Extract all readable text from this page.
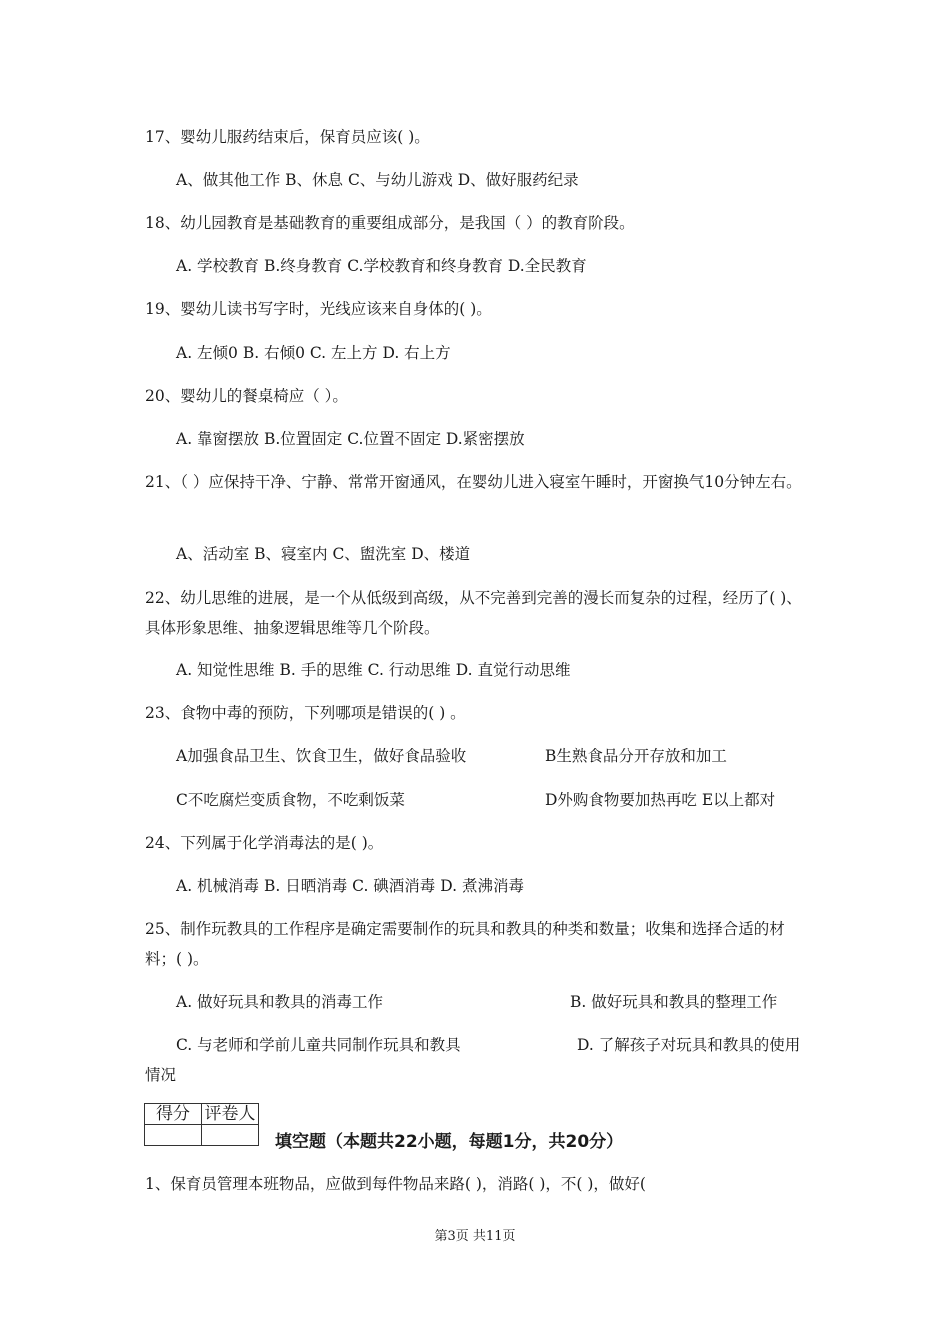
17、婴幼儿服药结束后，保育员应该( )。
A、做其他工作 B、休息 C、与幼儿游戏 D、做好服药纪录
18、幼儿园教育是基础教育的重要组成部分，是我国（ ）的教育阶段。
A. 学校教育 B.终身教育 C.学校教育和终身教育 D.全民教育
19、婴幼儿读书写字时，光线应该来自身体的( )。
A. 左倾0 B. 右倾0 C. 左上方 D. 右上方
20、婴幼儿的餐桌椅应（ ）。
A. 靠窗摆放 B.位置固定 C.位置不固定 D.紧密摆放
21、（ ）应保持干净、宁静、常常开窗通风，在婴幼儿进入寝室午睡时，开窗换气10分钟左右。
A、活动室 B、寝室内 C、盥洗室 D、楼道
22、幼儿思维的进展，是一个从低级到高级，从不完善到完善的漫长而复杂的过程，经历了( )、具体形象思维、抽象逻辑思维等几个阶段。
A. 知觉性思维 B. 手的思维 C. 行动思维 D. 直觉行动思维
23、食物中毒的预防，下列哪项是错误的( ) 。
A加强食品卫生、饮食卫生，做好食品验收	B生熟食品分开存放和加工
C不吃腐烂变质食物，不吃剩饭菜	D外购食物要加热再吃 E以上都对
24、下列属于化学消毒法的是( )。
A. 机械消毒 B. 日晒消毒 C. 碘酒消毒 D. 煮沸消毒
25、制作玩教具的工作程序是确定需要制作的玩具和教具的种类和数量；收集和选择合适的材料；( )。
A. 做好玩具和教具的消毒工作	B. 做好玩具和教具的整理工作
C. 与老师和学前儿童共同制作玩具和教具	D. 了解孩子对玩具和教具的使用情况
得分	评卷人

填空题（本题共22小题，每题1分，共20分）
1、保育员管理本班物品，应做到每件物品来路( )，消路( )，不( )，做好(
第3页 共11页
